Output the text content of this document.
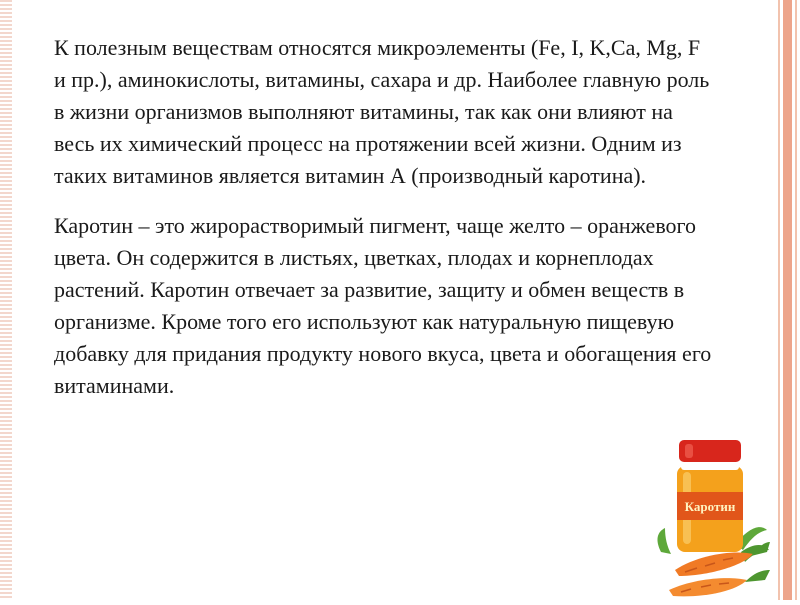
К полезным веществам относятся микроэлементы (Fe, I, K,Ca, Mg, F и пр.), аминокислоты, витамины, сахара и др. Наиболее главную роль в жизни организмов выполняют витамины, так как они влияют на весь их химический процесс на протяжении всей жизни. Одним из таких витаминов является витамин А (производный каротина).

Каротин – это жирорастворимый пигмент, чаще желто – оранжевого цвета. Он содержится в листьях, цветках, плодах и корнеплодах растений. Каротин отвечает за развитие, защиту и обмен веществ в организме. Кроме того его используют как натуральную пищевую добавку для придания продукту нового вкуса, цвета и обогащения его витаминами.

Каротин
